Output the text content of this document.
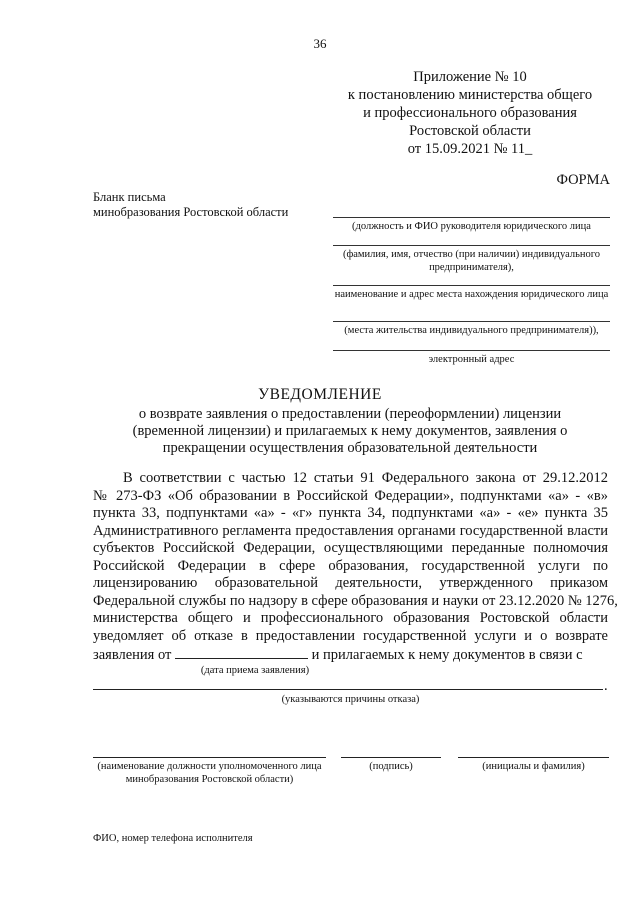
36
Приложение № 10
к постановлению министерства общего
и профессионального образования
Ростовской области
от 15.09.2021 № 11_
ФОРМА
Бланк письма
минобразования Ростовской области
(должность и ФИО руководителя юридического лица
(фамилия, имя, отчество (при наличии) индивидуального предпринимателя),
наименование и адрес места нахождения юридического лица
(места жительства индивидуального предпринимателя)),
электронный адрес
УВЕДОМЛЕНИЕ
о возврате заявления о предоставлении (переоформлении) лицензии
(временной лицензии) и прилагаемых к нему документов, заявления о
прекращении осуществления образовательной деятельности
В соответствии с частью 12 статьи 91 Федерального закона от 29.12.2012
№ 273-ФЗ «Об образовании в Российской Федерации», подпунктами «а» - «в»
пункта 33, подпунктами «а» - «г» пункта 34, подпунктами «а» - «е» пункта 35
Административного регламента предоставления органами государственной власти
субъектов Российской Федерации, осуществляющими переданные полномочия
Российской Федерации в сфере образования, государственной услуги по
лицензированию образовательной деятельности, утвержденного приказом
Федеральной службы по надзору в сфере образования и науки от 23.12.2020 № 1276,
министерства общего и профессионального образования Ростовской области
уведомляет об отказе в предоставлении государственной услуги и о возврате
заявления от	и прилагаемых к нему документов в связи с
(дата приема заявления)
.
(указываются причины отказа)
(наименование должности уполномоченного лица
минобразования Ростовской области)
(подпись)	(инициалы и фамилия)
ФИО, номер телефона исполнителя
